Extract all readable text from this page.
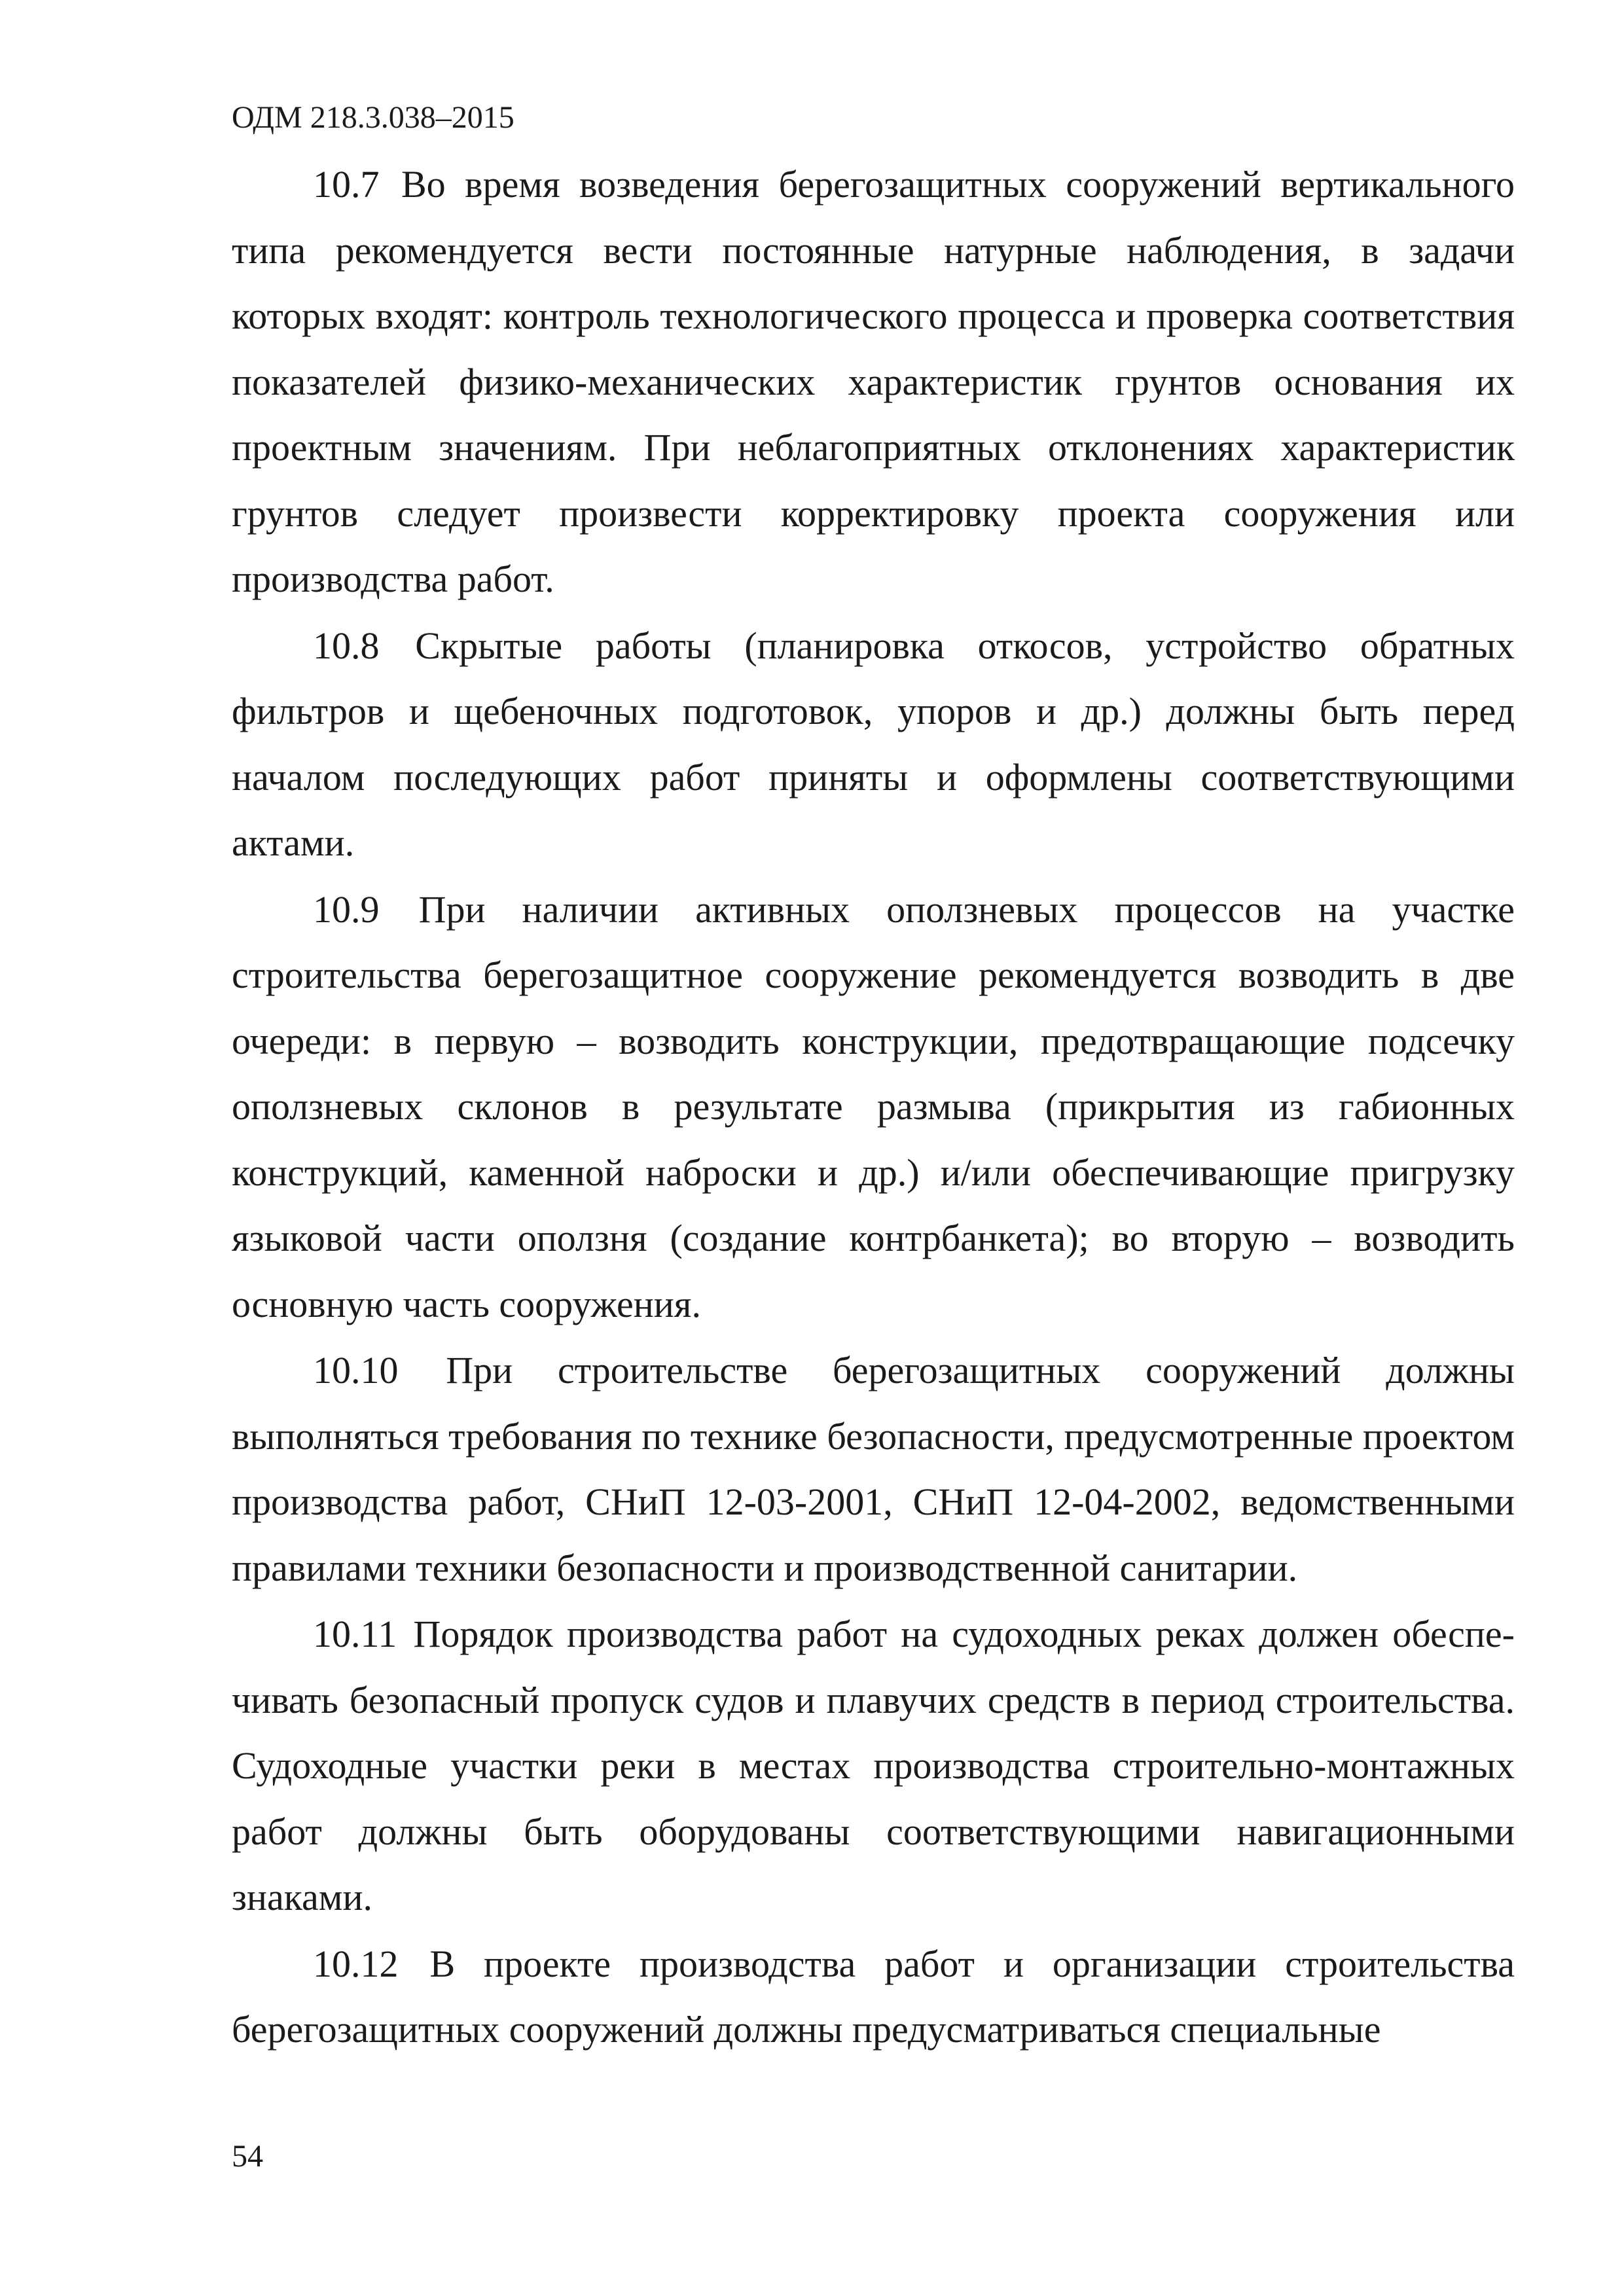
ОДМ 218.3.038–2015

10.7 Во время возведения берегозащитных сооружений вертикального типа рекомендуется вести постоянные натурные наблюдения, в задачи которых входят: контроль технологического процесса и проверка соответствия показателей физико-механических характеристик грунтов основания их проектным значениям. При неблагоприятных отклонениях характеристик грунтов следует произвести корректировку проекта сооружения или производства работ.

10.8 Скрытые работы (планировка откосов, устройство обратных фильтров и щебеночных подготовок, упоров и др.) должны быть перед началом последующих работ приняты и оформлены соответствующими актами.

10.9 При наличии активных оползневых процессов на участке строительства берегозащитное сооружение рекомендуется возводить в две очереди: в первую – возводить конструкции, предотвращающие подсечку оползневых склонов в результате размыва (прикрытия из габионных конструкций, каменной наброски и др.) и/или обеспечивающие пригрузку языковой части оползня (создание контрбанкета); во вторую – возводить основную часть сооружения.

10.10 При строительстве берегозащитных сооружений должны выполняться требования по технике безопасности, предусмотренные проектом производства работ, СНиП 12-03-2001, СНиП 12-04-2002, ведомственными правилами техники безопасности и производственной санитарии.

10.11 Порядок производства работ на судоходных реках должен обеспечивать безопасный пропуск судов и плавучих средств в период строительства. Судоходные участки реки в местах производства строительно-монтажных работ должны быть оборудованы соответствующими навигационными знаками.

10.12 В проекте производства работ и организации строительства берегозащитных сооружений должны предусматриваться специальные

54
